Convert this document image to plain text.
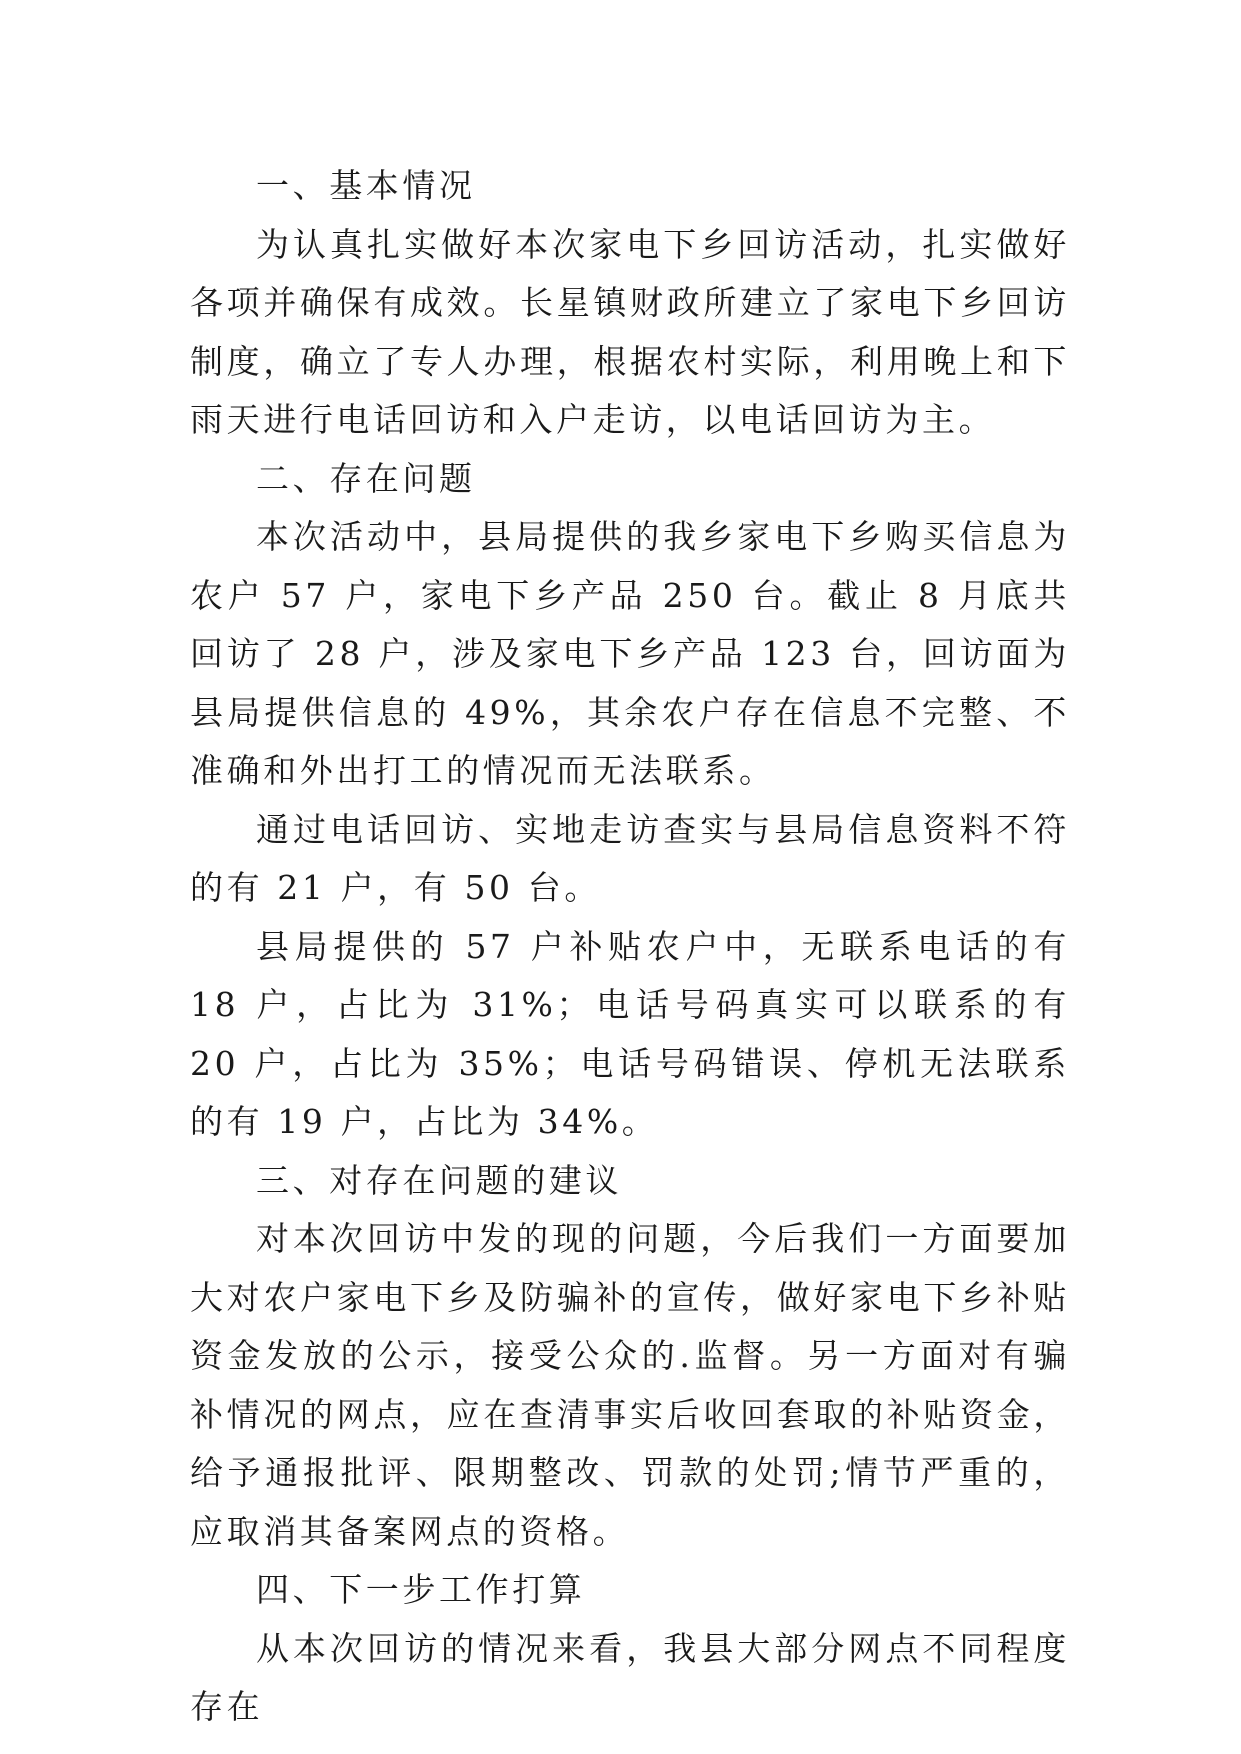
一、基本情况

为认真扎实做好本次家电下乡回访活动，扎实做好各项并确保有成效。长星镇财政所建立了家电下乡回访制度，确立了专人办理，根据农村实际，利用晚上和下雨天进行电话回访和入户走访，以电话回访为主。

二、存在问题

本次活动中，县局提供的我乡家电下乡购买信息为农户 57 户，家电下乡产品 250 台。截止 8 月底共回访了 28 户，涉及家电下乡产品 123 台，回访面为县局提供信息的 49%，其余农户存在信息不完整、不准确和外出打工的情况而无法联系。

通过电话回访、实地走访查实与县局信息资料不符的有 21 户，有 50 台。

县局提供的 57 户补贴农户中，无联系电话的有 18 户，占比为 31%；电话号码真实可以联系的有 20 户，占比为 35%；电话号码错误、停机无法联系的有 19 户，占比为 34%。

三、对存在问题的建议

对本次回访中发的现的问题，今后我们一方面要加大对农户家电下乡及防骗补的宣传，做好家电下乡补贴资金发放的公示，接受公众的.监督。另一方面对有骗补情况的网点，应在查清事实后收回套取的补贴资金，给予通报批评、限期整改、罚款的处罚;情节严重的，应取消其备案网点的资格。

四、下一步工作打算

从本次回访的情况来看，我县大部分网点不同程度存在
